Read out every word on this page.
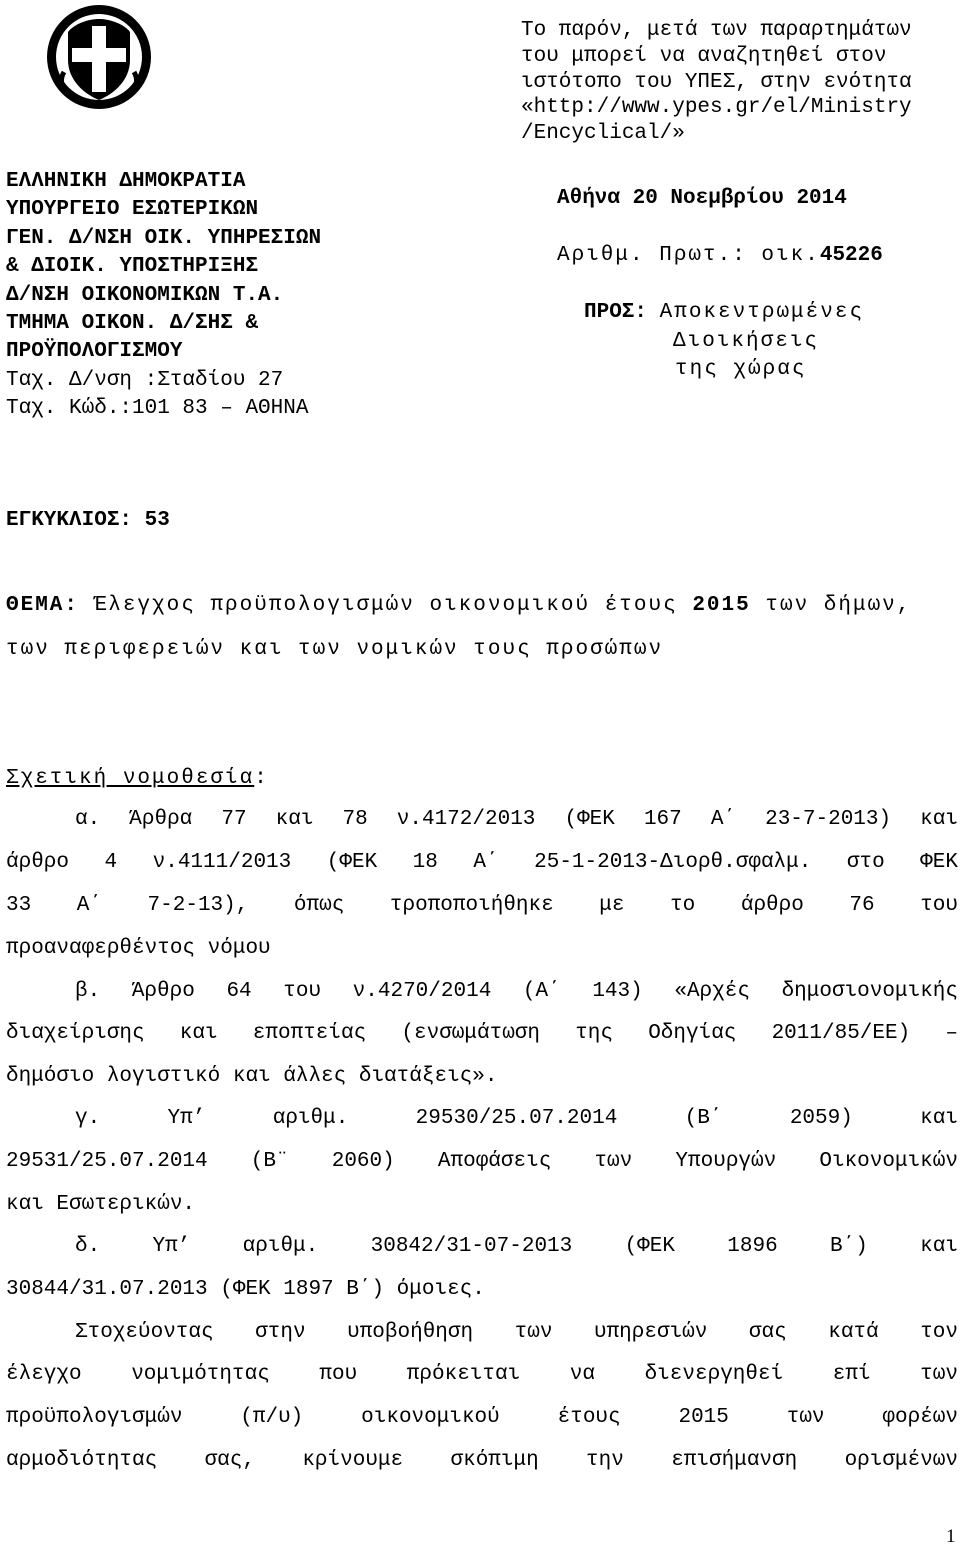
Το παρόν, μετά των παραρτημάτων
του μπορεί να αναζητηθεί στον
ιστότοπο του ΥΠΕΣ, στην ενότητα
«http://www.ypes.gr/el/Ministry
/Encyclical/»
ΕΛΛΗΝΙΚΗ ΔΗΜΟΚΡΑΤΙΑ
ΥΠΟΥΡΓΕΙΟ ΕΣΩΤΕΡΙΚΩΝ
ΓΕΝ. Δ/ΝΣΗ ΟΙΚ. ΥΠΗΡΕΣΙΩΝ
& ΔΙΟΙΚ. ΥΠΟΣΤΗΡΙΞΗΣ
Δ/ΝΣΗ ΟΙΚΟΝΟΜΙΚΩΝ Τ.Α.
ΤΜΗΜΑ ΟΙΚΟΝ. Δ/ΣΗΣ &
ΠΡΟΫΠΟΛΟΓΙΣΜΟΥ
Ταχ. Δ/νση :Σταδίου 27
Ταχ. Κώδ.:101 83 – ΑΘΗΝΑ
Αθήνα 20 Νοεμβρίου 2014
Αριθμ. Πρωτ.: οικ.45226
ΠΡΟΣ: Αποκεντρωμένες
Διοικήσεις
της χώρας
ΕΓΚΥΚΛΙΟΣ: 53
ΘΕΜΑ: Έλεγχος προϋπολογισμών οικονομικού έτους 2015 των δήμων,
των περιφερειών και των νομικών τους προσώπων
Σχετική νομοθεσία:
α. Άρθρα 77 και 78 ν.4172/2013 (ΦΕΚ 167 Α΄ 23-7-2013) και
άρθρο 4 ν.4111/2013 (ΦΕΚ 18 Α΄ 25-1-2013-Διορθ.σφαλμ. στο ΦΕΚ
33 Α΄ 7-2-13), όπως τροποποιήθηκε με το άρθρο 76 του
προαναφερθέντος νόμου
β. Άρθρο 64 του ν.4270/2014 (Α΄ 143) «Αρχές δημοσιονομικής
διαχείρισης και εποπτείας (ενσωμάτωση της Οδηγίας 2011/85/ΕΕ) –
δημόσιο λογιστικό και άλλες διατάξεις».
γ. Υπ’ αριθμ. 29530/25.07.2014 (Β΄ 2059) και
29531/25.07.2014 (Β¨ 2060) Αποφάσεις των Υπουργών Οικονομικών
και Εσωτερικών.
δ. Υπ’ αριθμ. 30842/31-07-2013 (ΦΕΚ 1896 Β΄) και
30844/31.07.2013 (ΦΕΚ 1897 Β΄) όμοιες.
Στοχεύοντας στην υποβοήθηση των υπηρεσιών σας κατά τον
έλεγχο νομιμότητας που πρόκειται να διενεργηθεί επί των
προϋπολογισμών (π/υ) οικονομικού έτους 2015 των φορέων
αρμοδιότητας σας, κρίνουμε σκόπιμη την επισήμανση ορισμένων
1
